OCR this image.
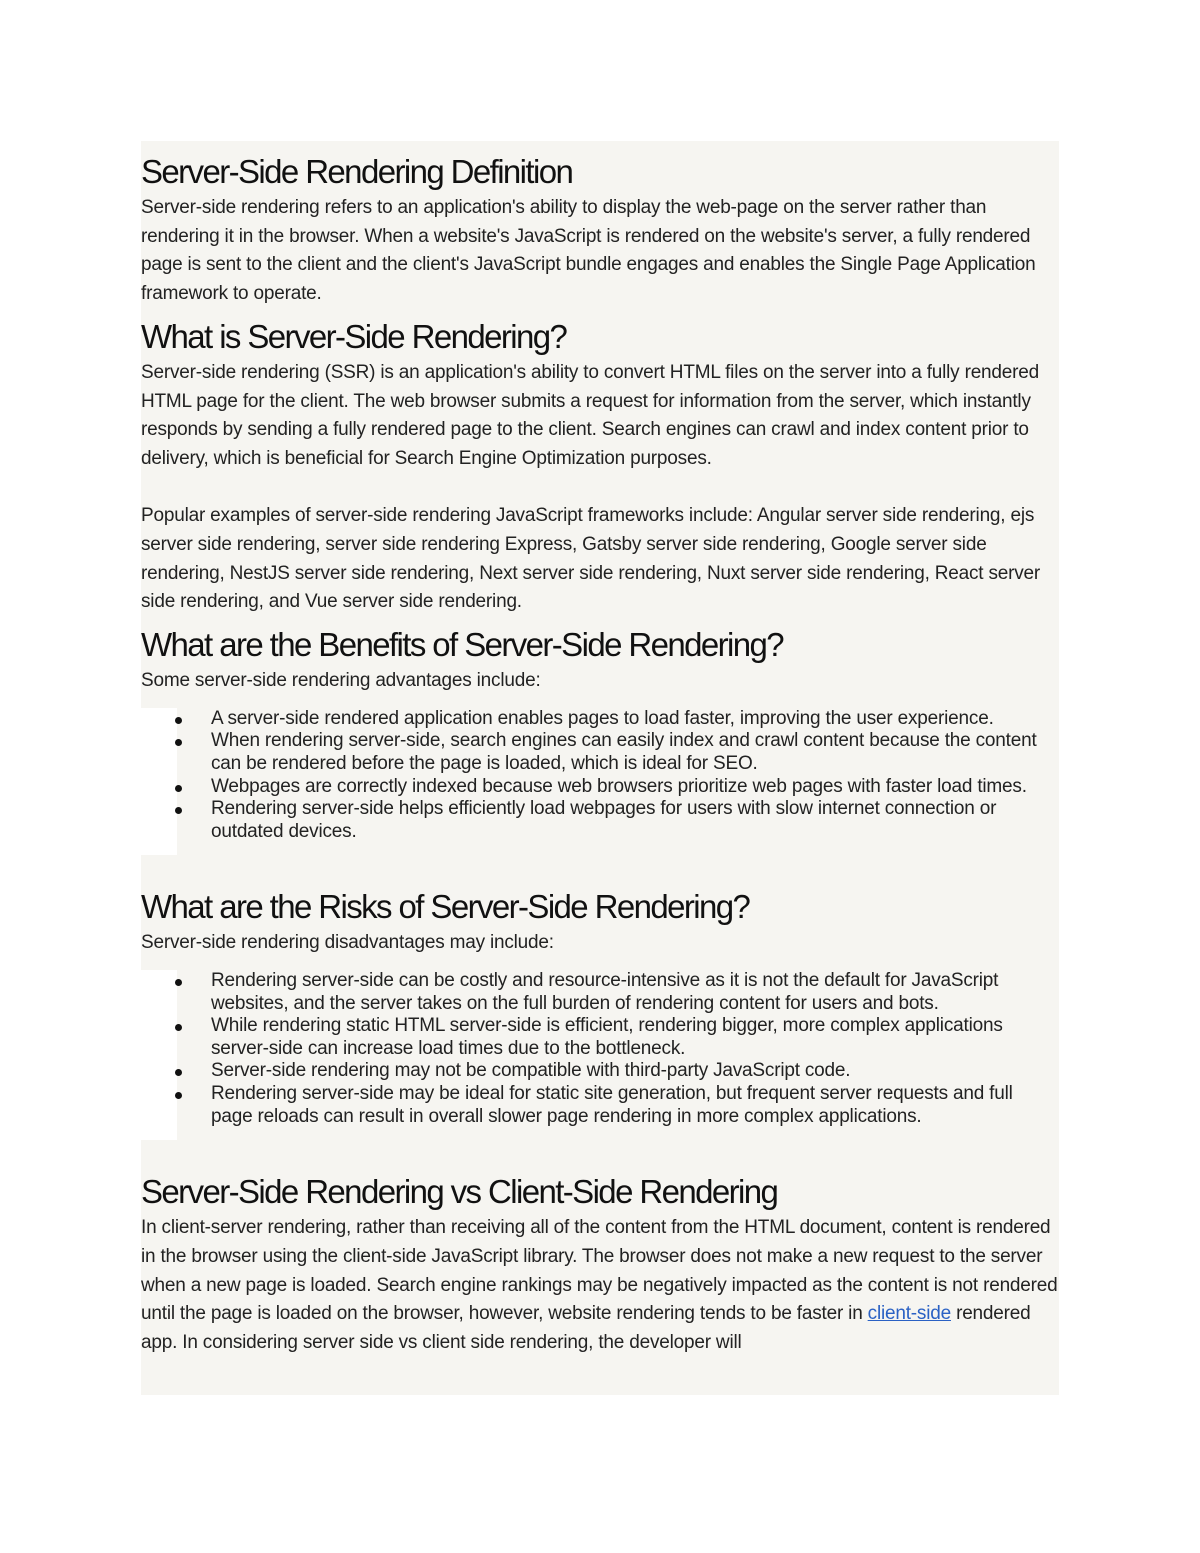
Server-Side Rendering Definition

Server-side rendering refers to an application's ability to display the web-page on the server rather than rendering it in the browser. When a website's JavaScript is rendered on the website's server, a fully rendered page is sent to the client and the client's JavaScript bundle engages and enables the Single Page Application framework to operate.

What is Server-Side Rendering?

Server-side rendering (SSR) is an application's ability to convert HTML files on the server into a fully rendered HTML page for the client. The web browser submits a request for information from the server, which instantly responds by sending a fully rendered page to the client. Search engines can crawl and index content prior to delivery, which is beneficial for Search Engine Optimization purposes.

Popular examples of server-side rendering JavaScript frameworks include: Angular server side rendering, ejs server side rendering, server side rendering Express, Gatsby server side rendering, Google server side rendering, NestJS server side rendering, Next server side rendering, Nuxt server side rendering, React server side rendering, and Vue server side rendering.

What are the Benefits of Server-Side Rendering?

Some server-side rendering advantages include:

A server-side rendered application enables pages to load faster, improving the user experience.
When rendering server-side, search engines can easily index and crawl content because the content can be rendered before the page is loaded, which is ideal for SEO.
Webpages are correctly indexed because web browsers prioritize web pages with faster load times.
Rendering server-side helps efficiently load webpages for users with slow internet connection or outdated devices.
What are the Risks of Server-Side Rendering?

Server-side rendering disadvantages may include:

Rendering server-side can be costly and resource-intensive as it is not the default for JavaScript websites, and the server takes on the full burden of rendering content for users and bots.
While rendering static HTML server-side is efficient, rendering bigger, more complex applications server-side can increase load times due to the bottleneck.
Server-side rendering may not be compatible with third-party JavaScript code.
Rendering server-side may be ideal for static site generation, but frequent server requests and full page reloads can result in overall slower page rendering in more complex applications.
Server-Side Rendering vs Client-Side Rendering

In client-server rendering, rather than receiving all of the content from the HTML document, content is rendered in the browser using the client-side JavaScript library. The browser does not make a new request to the server when a new page is loaded. Search engine rankings may be negatively impacted as the content is not rendered until the page is loaded on the browser, however, website rendering tends to be faster in client-side rendered app. In considering server side vs client side rendering, the developer will
